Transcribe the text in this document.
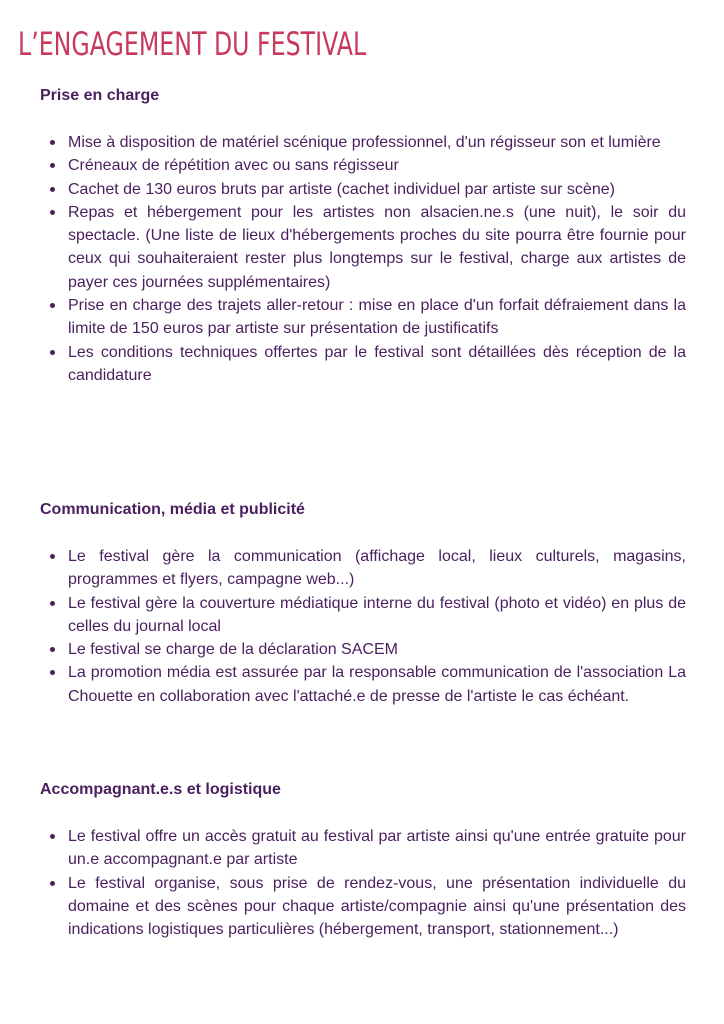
L’ENGAGEMENT DU FESTIVAL
Prise en charge
Mise à disposition de matériel scénique professionnel, d'un régisseur son et lumière
Créneaux de répétition avec ou sans régisseur
Cachet de 130 euros bruts par artiste (cachet individuel par artiste sur scène)
Repas et hébergement pour les artistes non alsacien.ne.s (une nuit), le soir du spectacle. (Une liste de lieux d'hébergements proches du site pourra être fournie pour ceux qui souhaiteraient rester plus longtemps sur le festival, charge aux artistes de payer ces journées supplémentaires)
Prise en charge des trajets aller-retour : mise en place d'un forfait défraiement dans la limite de 150 euros par artiste sur présentation de justificatifs
Les conditions techniques offertes par le festival sont détaillées dès réception de la candidature
Communication, média et publicité
Le festival gère la communication (affichage local, lieux culturels, magasins, programmes et flyers, campagne web...)
Le festival gère la couverture médiatique interne du festival (photo et vidéo) en plus de celles du journal local
Le festival se charge de la déclaration SACEM
La promotion média est assurée par la responsable communication de l'association La Chouette en collaboration avec l'attaché.e de presse de l'artiste le cas échéant.
Accompagnant.e.s et logistique
Le festival offre un accès gratuit au festival par artiste ainsi qu'une entrée gratuite pour un.e accompagnant.e par artiste
Le festival organise, sous prise de rendez-vous, une présentation individuelle du domaine et des scènes pour chaque artiste/compagnie ainsi qu'une présentation des indications logistiques particulières (hébergement, transport, stationnement...)
